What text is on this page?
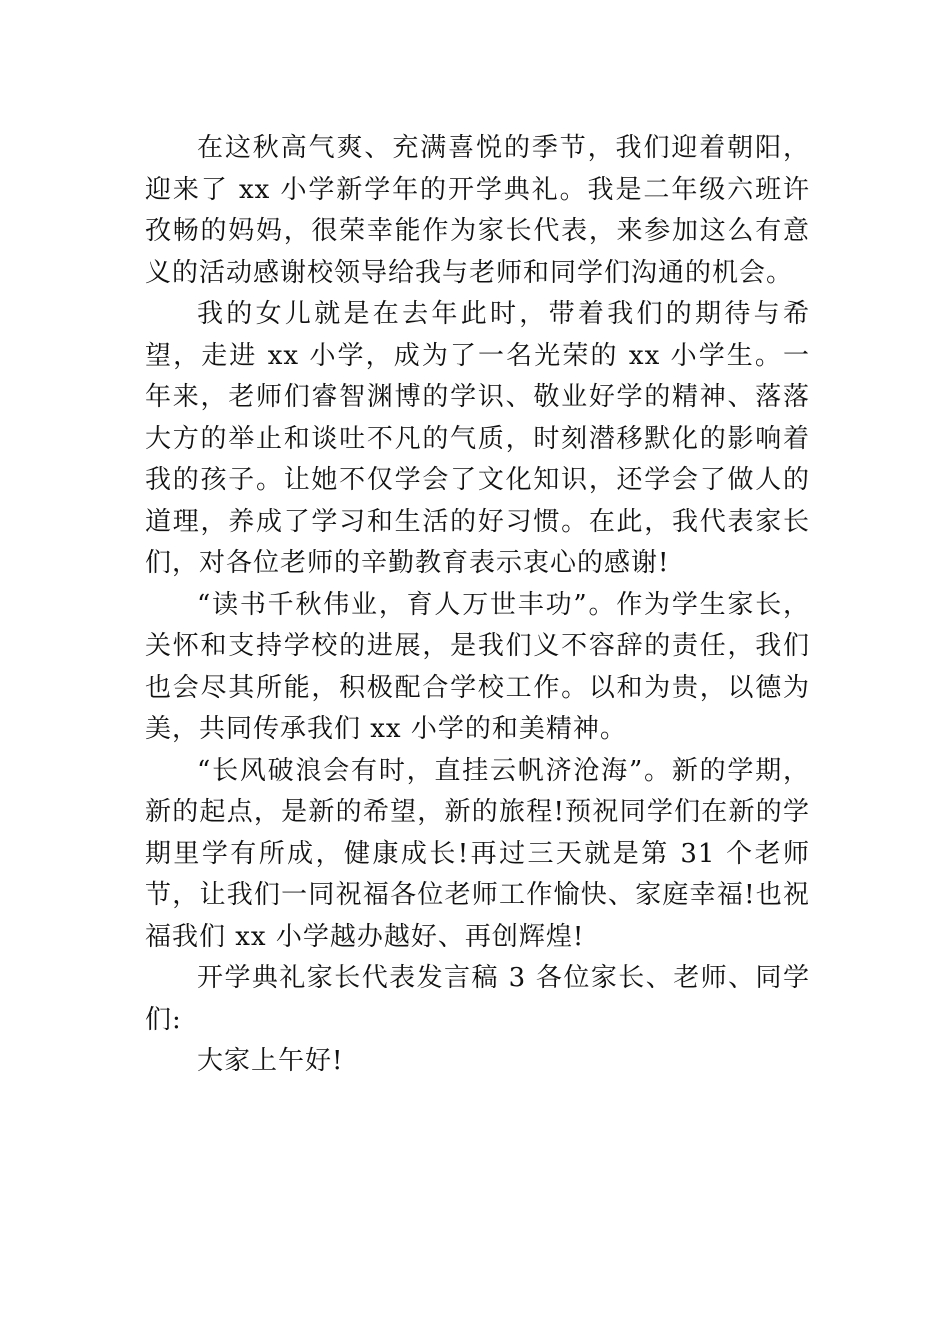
在这秋高气爽、充满喜悦的季节，我们迎着朝阳，迎来了 xx 小学新学年的开学典礼。我是二年级六班许孜畅的妈妈，很荣幸能作为家长代表，来参加这么有意义的活动感谢校领导给我与老师和同学们沟通的机会。

我的女儿就是在去年此时，带着我们的期待与希望，走进 xx 小学，成为了一名光荣的 xx 小学生。一年来，老师们睿智渊博的学识、敬业好学的精神、落落大方的举止和谈吐不凡的气质，时刻潜移默化的影响着我的孩子。让她不仅学会了文化知识，还学会了做人的道理，养成了学习和生活的好习惯。在此，我代表家长们，对各位老师的辛勤教育表示衷心的感谢!

“读书千秋伟业，育人万世丰功”。作为学生家长，关怀和支持学校的进展，是我们义不容辞的责任，我们也会尽其所能，积极配合学校工作。以和为贵，以德为美，共同传承我们 xx 小学的和美精神。

“长风破浪会有时，直挂云帆济沧海”。新的学期，新的起点，是新的希望，新的旅程!预祝同学们在新的学期里学有所成，健康成长!再过三天就是第 31 个老师节，让我们一同祝福各位老师工作愉快、家庭幸福!也祝福我们 xx 小学越办越好、再创辉煌!

开学典礼家长代表发言稿 3 各位家长、老师、同学们:

大家上午好!
